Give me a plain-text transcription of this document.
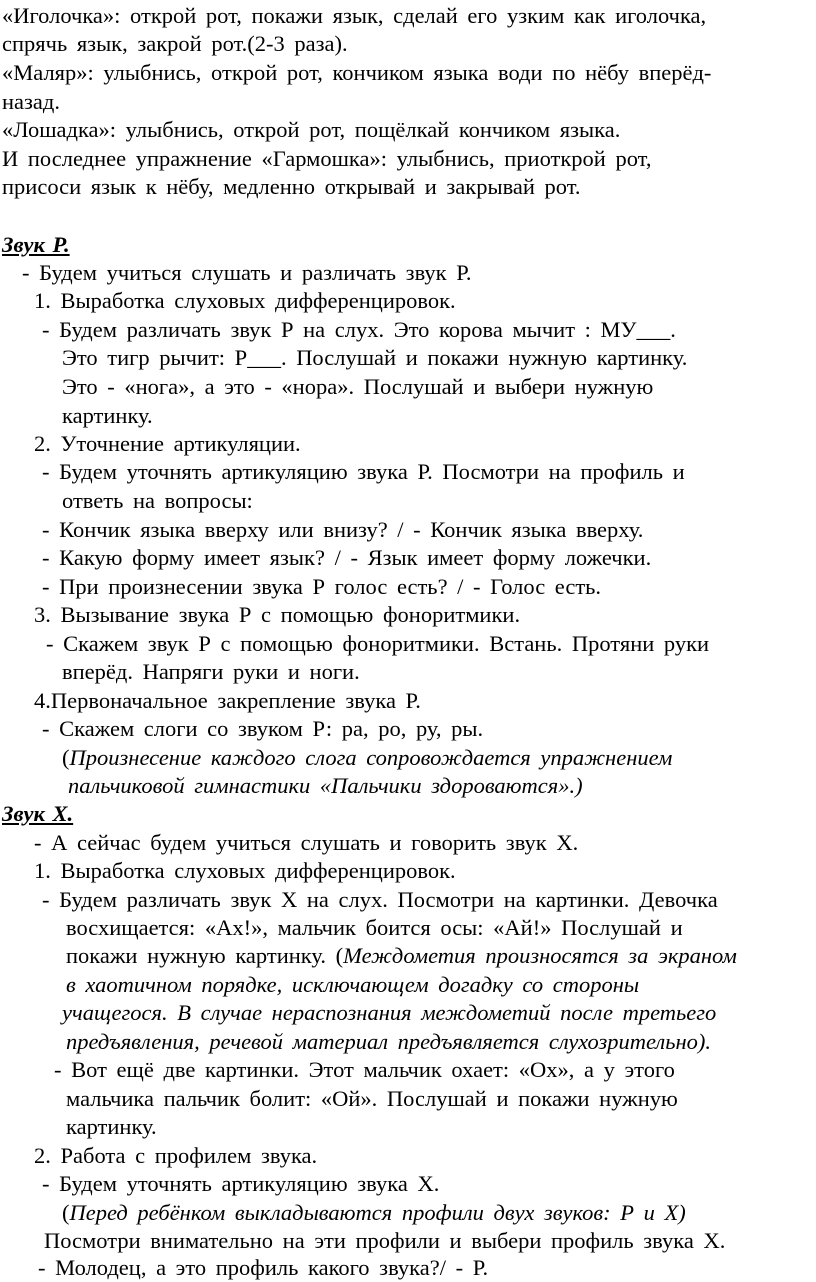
«Иголочка»: открой рот, покажи язык, сделай его узким как иголочка,
спрячь язык, закрой рот.(2-3 раза).
«Маляр»: улыбнись, открой рот, кончиком языка води по нёбу вперёд-
назад.
«Лошадка»: улыбнись, открой рот, пощёлкай кончиком языка.
И последнее упражнение «Гармошка»: улыбнись, приоткрой рот,
присоси язык к нёбу, медленно открывай и закрывай рот.
Звук Р.
- Будем учиться слушать и различать звук Р.
1. Выработка слуховых дифференцировок.
- Будем различать звук Р на слух. Это корова мычит : МУ___.
Это тигр рычит: Р___. Послушай и покажи нужную картинку.
Это - «нога», а это - «нора». Послушай и выбери нужную
картинку.
2. Уточнение артикуляции.
- Будем уточнять артикуляцию звука Р. Посмотри на профиль и
ответь на вопросы:
- Кончик языка вверху или внизу? / - Кончик языка вверху.
- Какую форму имеет язык? / - Язык имеет форму ложечки.
- При произнесении звука Р голос есть? / - Голос есть.
3. Вызывание звука Р с помощью фоноритмики.
- Скажем звук Р с помощью фоноритмики. Встань. Протяни руки
вперёд. Напряги руки и ноги.
4.Первоначальное закрепление звука Р.
- Скажем слоги со звуком Р: ра, ро, ру, ры.
(Произнесение каждого слога сопровождается упражнением
пальчиковой гимнастики «Пальчики здороваются».)
Звук Х.
- А сейчас будем учиться слушать и говорить звук Х.
1. Выработка слуховых дифференцировок.
- Будем различать звук Х на слух. Посмотри на картинки. Девочка
восхищается: «Ах!», мальчик боится осы: «Ай!» Послушай и
покажи нужную картинку. (Междометия произносятся за экраном
в хаотичном порядке, исключающем догадку со стороны
учащегося. В случае нераспознания междометий после третьего
предъявления, речевой материал предъявляется слухозрительно).
- Вот ещё две картинки. Этот мальчик охает: «Ох», а у этого
мальчика пальчик болит: «Ой». Послушай и покажи нужную
картинку.
2. Работа с профилем звука.
- Будем уточнять артикуляцию звука Х.
(Перед ребёнком выкладываются профили двух звуков: Р и Х)
Посмотри внимательно на эти профили и выбери профиль звука Х.
- Молодец, а это профиль какого звука?/ - Р.
